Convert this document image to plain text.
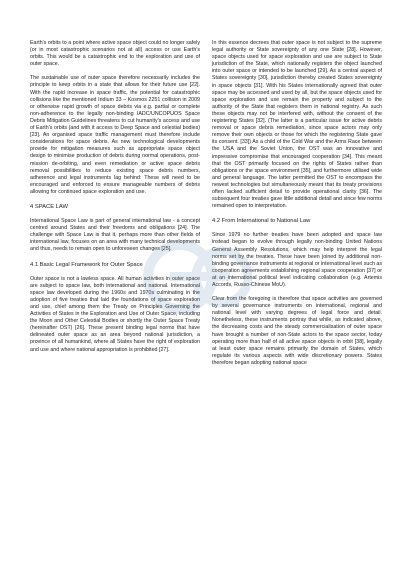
Earth's orbits to a point where active space object could no longer safely (or in most catastrophic scenarios not at all) access or use Earth's orbits. This would be a catastrophic end to the exploration and use of outer space.

The sustainable use of outer space therefore necessarily includes the principle to keep orbits in a state that allows for their future use [22]. With the rapid increase in space traffic, the potential for catastrophic collisions like the mentioned Iridium 33 – Kosmos 2251 collision in 2009 or otherwise rapid growth of space debris via e.g. partial or complete non-adherence to the legally non-binding IADC/UNCOPUOS Space Debris Mitigation Guidelines threatens to cut humanity's access and use of Earth's orbits (and with it access to Deep Space and celestial bodies) [23]. An organised space traffic management must therefore include considerations for space debris. As new technological developments provide for mitigation measures such as appropriate space object design to minimise production of debris during normal operations, post-mission de-orbiting, and even remediation or active space debris removal possibilities to reduce existing space debris numbers, adherence and legal instruments lag behind: These will need to be encouraged and enforced to ensure manageable numbers of debris allowing for continued space exploration and use.

4 SPACE LAW

International Space Law is part of general international law - a concept centred around States and their freedoms and obligations [24]. The challenge with Space Law is that it, perhaps more than other fields of international law, focuses on an area with many technical developments and thus, needs to remain open to unforeseen changes [25].

4.1 Basic Legal Framework for Outer Space

Outer space is not a lawless space. All human activities in outer space are subject to space law, both international and national. International space law developed during the 1960s and 1970s culminating in the adoption of five treaties that laid the foundations of space exploration and use, chief among them the Treaty on Principles Governing the Activities of States in the Exploration and Use of Outer Space, including the Moon and Other Celestial Bodies or shortly the Outer Space Treaty (hereinafter OST) [26]. These present binding legal norms that have delineated outer space as an area beyond national jurisdiction, a province of all humankind, where all States have the right of exploration and use and where national appropriation is prohibited [27].

In this essence decrees that outer space is not subject to the supreme legal authority or State sovereignty of any one State [28]. However, space objects used for space exploration and use are subject to State jurisdiction of the State, which nationally registers the object launched into outer space or intended to be launched [29]. As a central aspect of States sovereignty [30], jurisdiction thereby created States sovereignty in space objects [31]. With his States internationally agreed that outer space may be accessed and used by all, but the space objects used for space exploration and use remain the property and subject to the authority of the State that registers them in national registry. As such these objects may not be interfered with, without the consent of the registering States [32]. (The latter is a particular issue for active debris removal or space debris remediation, since space actors may only remove their own objects or those for which the registering State gave its consent. [33]) As a child of the Cold War and the Arms Race between the USA and the Soviet Union, the OST was an innovative and impressive compromise that encouraged cooperation [34]. This meant that the OST primarily focused on the rights of States rather than obligations or the space environment [35], and furthermore utilised wide and general language. The latter permitted the OST to encompass the newest technologies but simultaneously meant that its treaty provisions often lacked sufficient detail to provide operational clarity [36]. The subsequent four treaties gave little additional detail and since few norms remained open to interpretation.

4.2 From International to National Law

Since 1979 no further treaties have been adopted and space law instead began to evolve through legally non-binding United Nations General Assembly Resolutions, which may help interpret the legal norms set by the treaties. These have been joined by additional non-binding governance instruments at regional or international level such as cooperation agreements establishing regional space cooperation [37] or at an international political level indicating collaboration (e.g. Artemis Accords, Russo-Chinese MoU).

Clear from the foregoing is therefore that space activities are governed by several governance instruments on international, regional and national level with varying degrees of legal force and detail. Nonetheless, these instruments portray that while, as indicated above, the decreasing costs and the steady commercialisation of outer space have brought a number of non-State actors to the space sector, today operating more than half of all active space objects in orbit [38], legally at least outer space remains primarily the domain of States, which regulate its various aspects with wide discretionary powers. States therefore began adopting national space
